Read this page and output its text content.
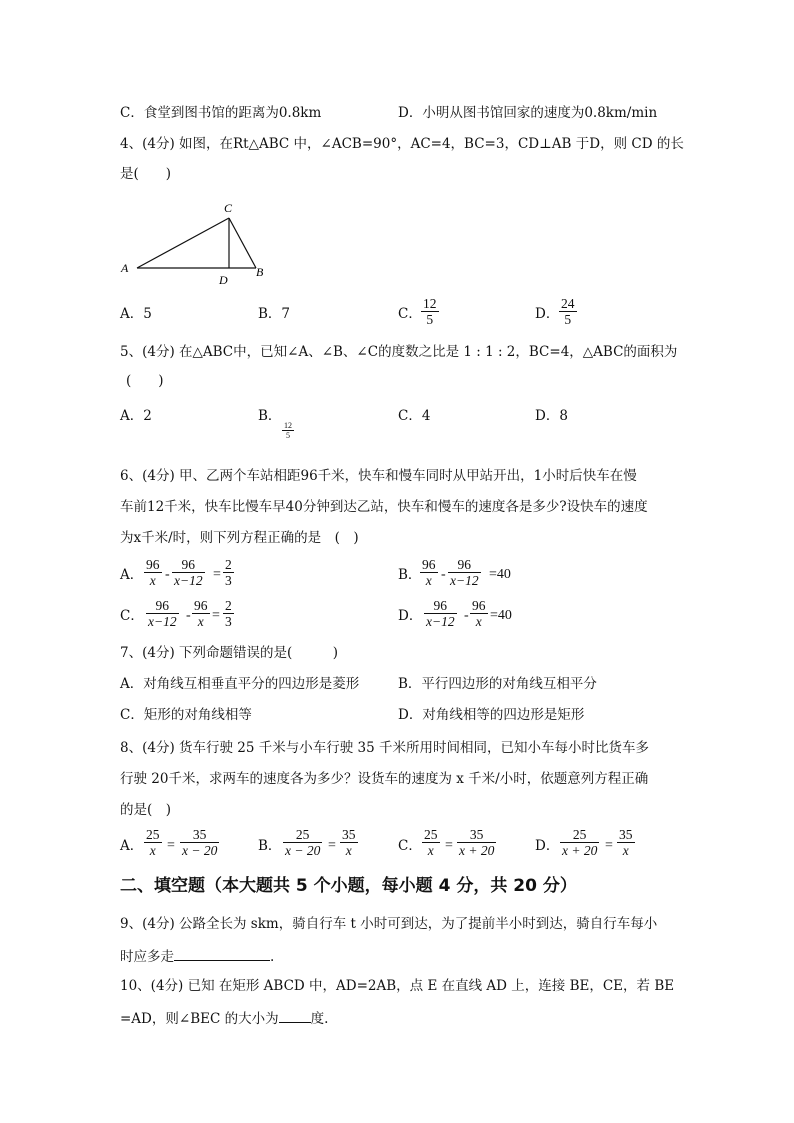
C．食堂到图书馆的距离为0.8km	D．小明从图书馆回家的速度为0.8km/min
4、(4分) 如图，在Rt△ABC 中，∠ACB=90°，AC=4，BC=3，CD⊥AB 于D，则 CD 的长
是(　　)
C
A
D
B
A．5	B．7	C．
12
5	D．
24
5
5、(4分) 在△ABC中，已知∠A、∠B、∠C的度数之比是 1 : 1 : 2，BC=4，△ABC的面积为
(　　)
A．2	B．
12
5
C．4	D．8
6、(4分) 甲、乙两个车站相距96千米，快车和慢车同时从甲站开出，1小时后快车在慢
车前12千米，快车比慢车早40分钟到达乙站，快车和慢车的速度各是多少?设快车的速度
为x千米/时，则下列方程正确的是　(　)
A．
96
x -
96
x−12 =
2
3	B．
96
x -
96
x−12 =40
C．
96
x−12 -
96
x =
2
3	D．
96
x−12 -
96
x =40
7、(4分) 下列命题错误的是(　　　)
A．对角线互相垂直平分的四边形是菱形	B．平行四边形的对角线互相平分
C．矩形的对角线相等	D．对角线相等的四边形是矩形
8、(4分) 货车行驶 25 千米与小车行驶 35 千米所用时间相同，已知小车每小时比货车多
行驶 20千米，求两车的速度各为多少？设货车的速度为 x 千米/小时，依题意列方程正确
的是(　)
A．
25
x =
35
x − 20	B．
25
x − 20 =
35
x	C．
25
x =
35
x + 20	D．
25
x + 20 =
35
x
二、填空题（本大题共 5 个小题，每小题 4 分，共 20 分）
9、(4分) 公路全长为 skm，骑自行车 t 小时可到达，为了提前半小时到达，骑自行车每小
时应多走	.
10、(4分) 已知 在矩形 ABCD 中，AD=2AB，点 E 在直线 AD 上，连接 BE，CE，若 BE
=AD，则∠BEC 的大小为 度.
